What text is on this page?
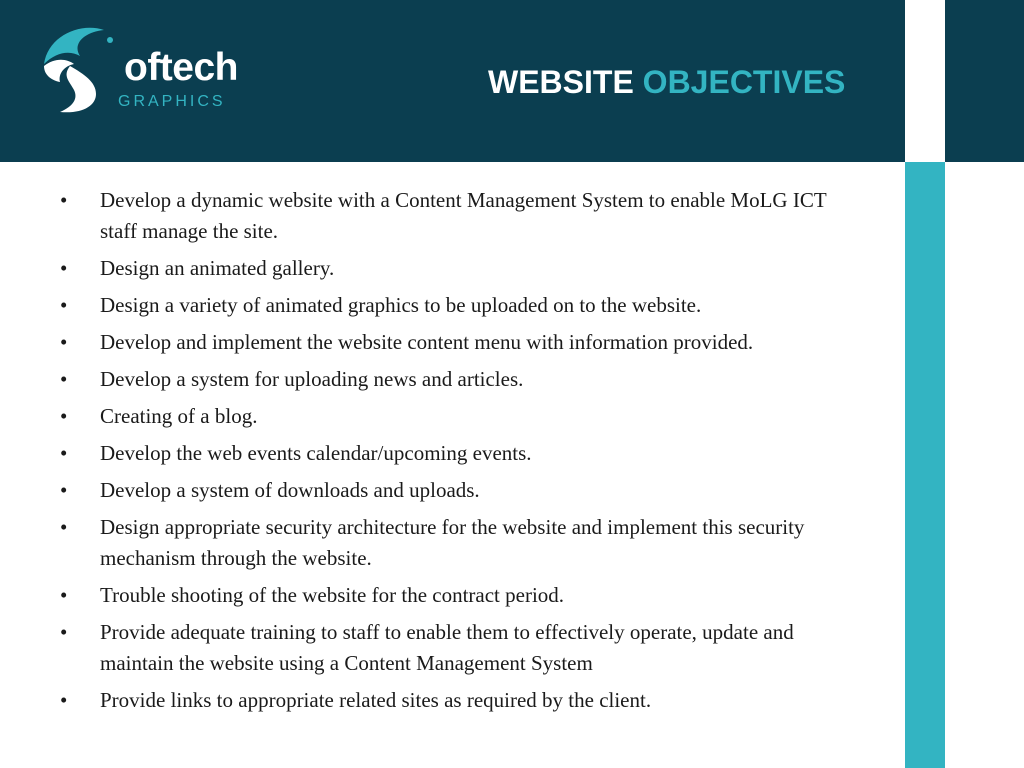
oftech
GRAPHICS
WEBSITE OBJECTIVES
• Develop a dynamic website with a Content Management System to enable MoLG ICT staff manage the site.
• Design an animated gallery.
• Design a variety of animated graphics to be uploaded on to the website.
• Develop and implement the website content menu with information provided.
• Develop a system for uploading news and articles.
• Creating of a blog.
• Develop the web events calendar/upcoming events.
• Develop a system of downloads and uploads.
• Design appropriate security architecture for the website and implement this security mechanism through the website.
• Trouble shooting of the website for the contract period.
• Provide adequate training to staff to enable them to effectively operate, update and maintain the website using a Content Management System
• Provide links to appropriate related sites as required by the client.
